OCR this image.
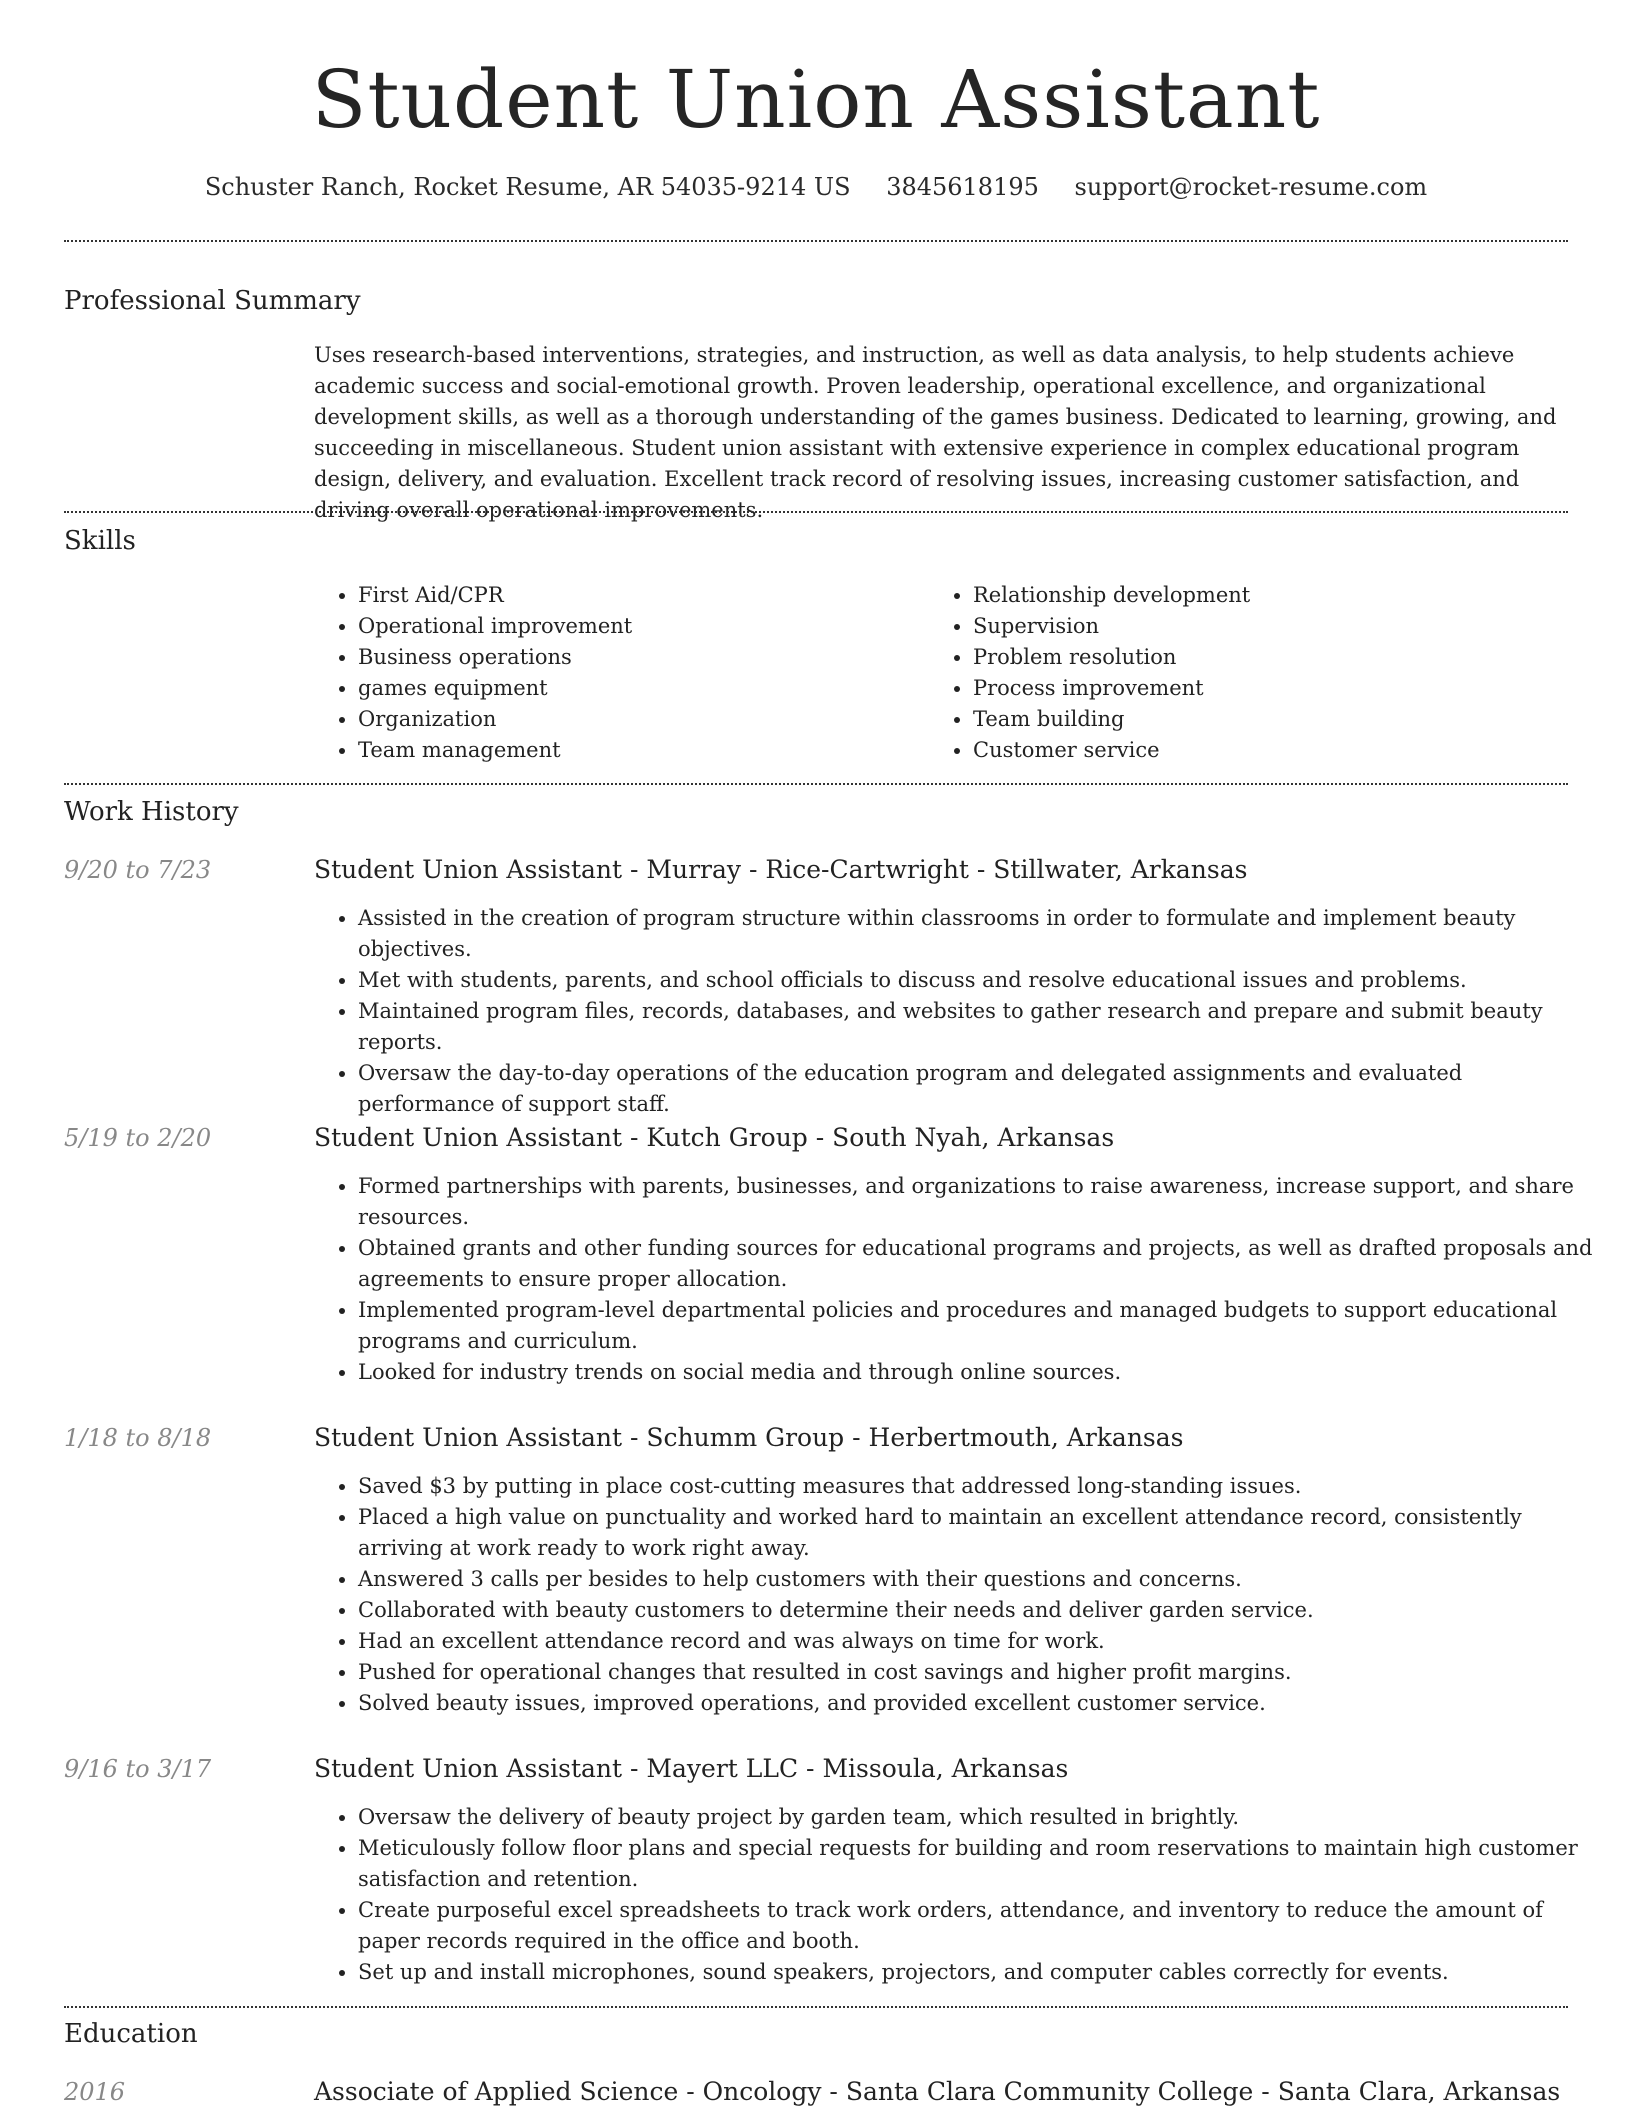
Student Union Assistant
Schuster Ranch, Rocket Resume, AR 54035-9214 US 3845618195 support@rocket-resume.com
Professional Summary

Uses research-based interventions, strategies, and instruction, as well as data analysis, to help students achieve academic success and social-emotional growth. Proven leadership, operational excellence, and organizational development skills, as well as a thorough understanding of the games business. Dedicated to learning, growing, and succeeding in miscellaneous. Student union assistant with extensive experience in complex educational program design, delivery, and evaluation. Excellent track record of resolving issues, increasing customer satisfaction, and driving overall operational improvements.

Skills
• First Aid/CPR
• Operational improvement
• Business operations
• games equipment
• Organization
• Team management
• Relationship development
• Supervision
• Problem resolution
• Process improvement
• Team building
• Customer service
Work History
9/20 to 7/23	Student Union Assistant - Murray - Rice-Cartwright - Stillwater, Arkansas
• Assisted in the creation of program structure within classrooms in order to formulate and implement beauty objectives.
• Met with students, parents, and school officials to discuss and resolve educational issues and problems.
• Maintained program files, records, databases, and websites to gather research and prepare and submit beauty reports.
• Oversaw the day-to-day operations of the education program and delegated assignments and evaluated performance of support staff.
5/19 to 2/20	Student Union Assistant - Kutch Group - South Nyah, Arkansas
• Formed partnerships with parents, businesses, and organizations to raise awareness, increase support, and share resources.
• Obtained grants and other funding sources for educational programs and projects, as well as drafted proposals and agreements to ensure proper allocation.
• Implemented program-level departmental policies and procedures and managed budgets to support educational programs and curriculum.
• Looked for industry trends on social media and through online sources.
1/18 to 8/18	Student Union Assistant - Schumm Group - Herbertmouth, Arkansas
• Saved $3 by putting in place cost-cutting measures that addressed long-standing issues.
• Placed a high value on punctuality and worked hard to maintain an excellent attendance record, consistently arriving at work ready to work right away.
• Answered 3 calls per besides to help customers with their questions and concerns.
• Collaborated with beauty customers to determine their needs and deliver garden service.
• Had an excellent attendance record and was always on time for work.
• Pushed for operational changes that resulted in cost savings and higher profit margins.
• Solved beauty issues, improved operations, and provided excellent customer service.
9/16 to 3/17	Student Union Assistant - Mayert LLC - Missoula, Arkansas
• Oversaw the delivery of beauty project by garden team, which resulted in brightly.
• Meticulously follow floor plans and special requests for building and room reservations to maintain high customer satisfaction and retention.
• Create purposeful excel spreadsheets to track work orders, attendance, and inventory to reduce the amount of paper records required in the office and booth.
• Set up and install microphones, sound speakers, projectors, and computer cables correctly for events.
Education
2016	Associate of Applied Science - Oncology - Santa Clara Community College - Santa Clara, Arkansas
